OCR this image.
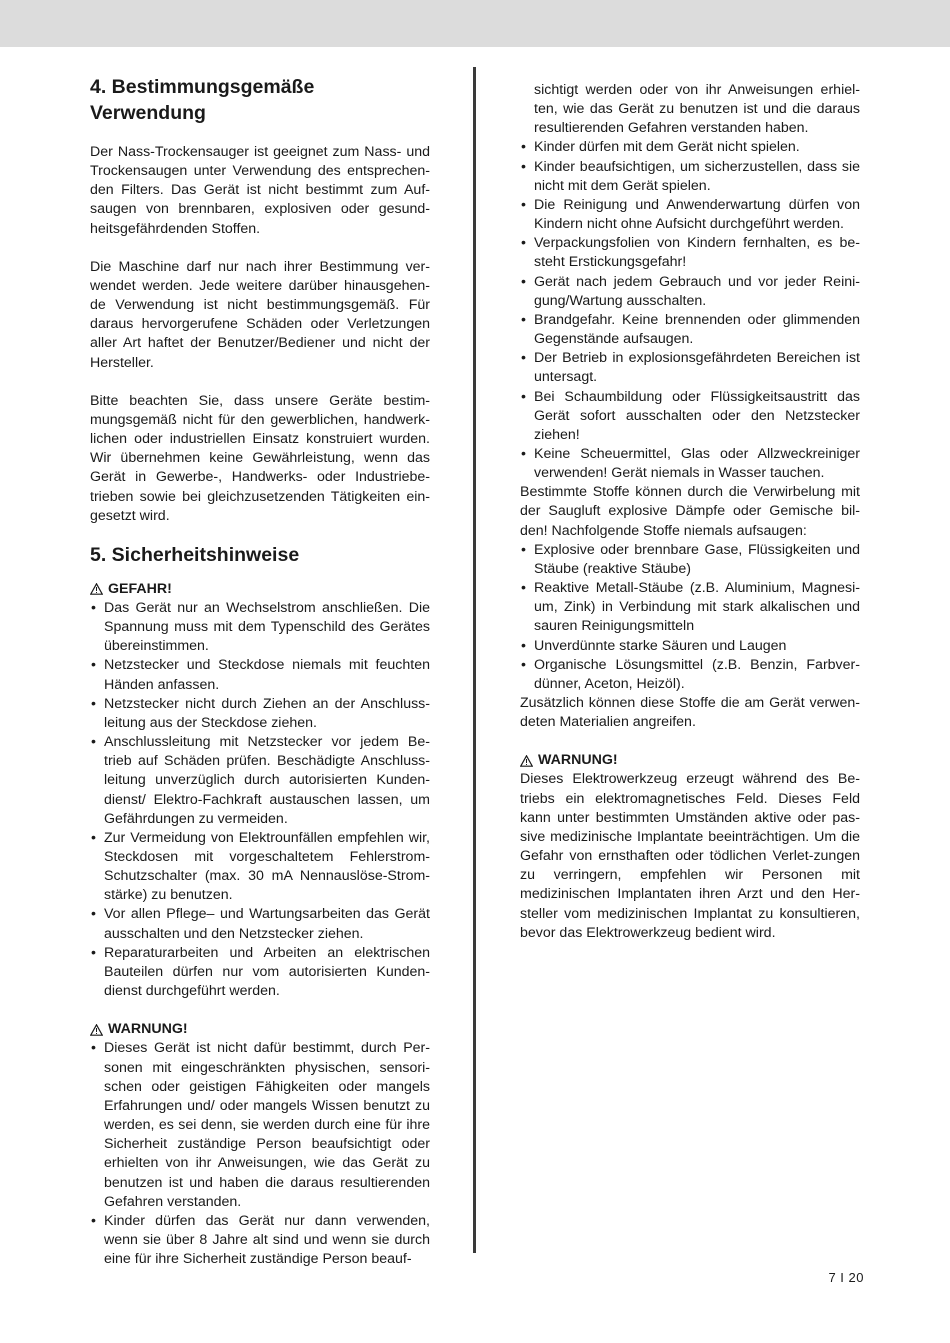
4. Bestimmungsgemäße Verwendung

Der Nass-Trockensauger ist geeignet zum Nass- und Trockensaugen unter Verwendung des entsprechen-den Filters. Das Gerät ist nicht bestimmt zum Auf-saugen von brennbaren, explosiven oder gesund-heitsgefährdenden Stoffen.

Die Maschine darf nur nach ihrer Bestimmung ver-wendet werden. Jede weitere darüber hinausgehen-de Verwendung ist nicht bestimmungsgemäß. Für daraus hervorgerufene Schäden oder Verletzungen aller Art haftet der Benutzer/Bediener und nicht der Hersteller.

Bitte beachten Sie, dass unsere Geräte bestim-mungsgemäß nicht für den gewerblichen, handwerk-lichen oder industriellen Einsatz konstruiert wurden. Wir übernehmen keine Gewährleistung, wenn das Gerät in Gewerbe-, Handwerks- oder Industriebe-trieben sowie bei gleichzusetzenden Tätigkeiten ein-gesetzt wird.

5. Sicherheitshinweise
GEFAHR!
• Das Gerät nur an Wechselstrom anschließen. Die Spannung muss mit dem Typenschild des Gerätes übereinstimmen.
• Netzstecker und Steckdose niemals mit feuchten Händen anfassen.
• Netzstecker nicht durch Ziehen an der Anschluss-leitung aus der Steckdose ziehen.
• Anschlussleitung mit Netzstecker vor jedem Be-trieb auf Schäden prüfen. Beschädigte Anschluss-leitung unverzüglich durch autorisierten Kunden-dienst/ Elektro-Fachkraft austauschen lassen, um Gefährdungen zu vermeiden.
• Zur Vermeidung von Elektrounfällen empfehlen wir, Steckdosen mit vorgeschaltetem Fehlerstrom-Schutzschalter (max. 30 mA Nennauslöse-Strom-stärke) zu benutzen.
• Vor allen Pflege– und Wartungsarbeiten das Gerät ausschalten und den Netzstecker ziehen.
• Reparaturarbeiten und Arbeiten an elektrischen Bauteilen dürfen nur vom autorisierten Kunden-dienst durchgeführt werden.
WARNUNG!
• Dieses Gerät ist nicht dafür bestimmt, durch Per-sonen mit eingeschränkten physischen, sensori-schen oder geistigen Fähigkeiten oder mangels Erfahrungen und/ oder mangels Wissen benutzt zu werden, es sei denn, sie werden durch eine für ihre Sicherheit zuständige Person beaufsichtigt oder erhielten von ihr Anweisungen, wie das Gerät zu benutzen ist und haben die daraus resultierenden Gefahren verstanden.
• Kinder dürfen das Gerät nur dann verwenden, wenn sie über 8 Jahre alt sind und wenn sie durch eine für ihre Sicherheit zuständige Person beauf-
sichtigt werden oder von ihr Anweisungen erhiel-ten, wie das Gerät zu benutzen ist und die daraus resultierenden Gefahren verstanden haben.
• Kinder dürfen mit dem Gerät nicht spielen.
• Kinder beaufsichtigen, um sicherzustellen, dass sie nicht mit dem Gerät spielen.
• Die Reinigung und Anwenderwartung dürfen von Kindern nicht ohne Aufsicht durchgeführt werden.
• Verpackungsfolien von Kindern fernhalten, es be-steht Erstickungsgefahr!
• Gerät nach jedem Gebrauch und vor jeder Reini-gung/Wartung ausschalten.
• Brandgefahr. Keine brennenden oder glimmenden Gegenstände aufsaugen.
• Der Betrieb in explosionsgefährdeten Bereichen ist untersagt.
• Bei Schaumbildung oder Flüssigkeitsaustritt das Gerät sofort ausschalten oder den Netzstecker ziehen!
• Keine Scheuermittel, Glas oder Allzweckreiniger verwenden! Gerät niemals in Wasser tauchen.

Bestimmte Stoffe können durch die Verwirbelung mit der Saugluft explosive Dämpfe oder Gemische bil-den! Nachfolgende Stoffe niemals aufsaugen:

• Explosive oder brennbare Gase, Flüssigkeiten und Stäube (reaktive Stäube)
• Reaktive Metall-Stäube (z.B. Aluminium, Magnesi-um, Zink) in Verbindung mit stark alkalischen und sauren Reinigungsmitteln
• Unverdünnte starke Säuren und Laugen
• Organische Lösungsmittel (z.B. Benzin, Farbver-dünner, Aceton, Heizöl).

Zusätzlich können diese Stoffe die am Gerät verwen-deten Materialien angreifen.

WARNUNG!

Dieses Elektrowerkzeug erzeugt während des Be-triebs ein elektromagnetisches Feld. Dieses Feld kann unter bestimmten Umständen aktive oder pas-sive medizinische Implantate beeinträchtigen. Um die Gefahr von ernsthaften oder tödlichen Verlet-zungen zu verringern, empfehlen wir Personen mit medizinischen Implantaten ihren Arzt und den Her-steller vom medizinischen Implantat zu konsultieren, bevor das Elektrowerkzeug bedient wird.

7 I 20
